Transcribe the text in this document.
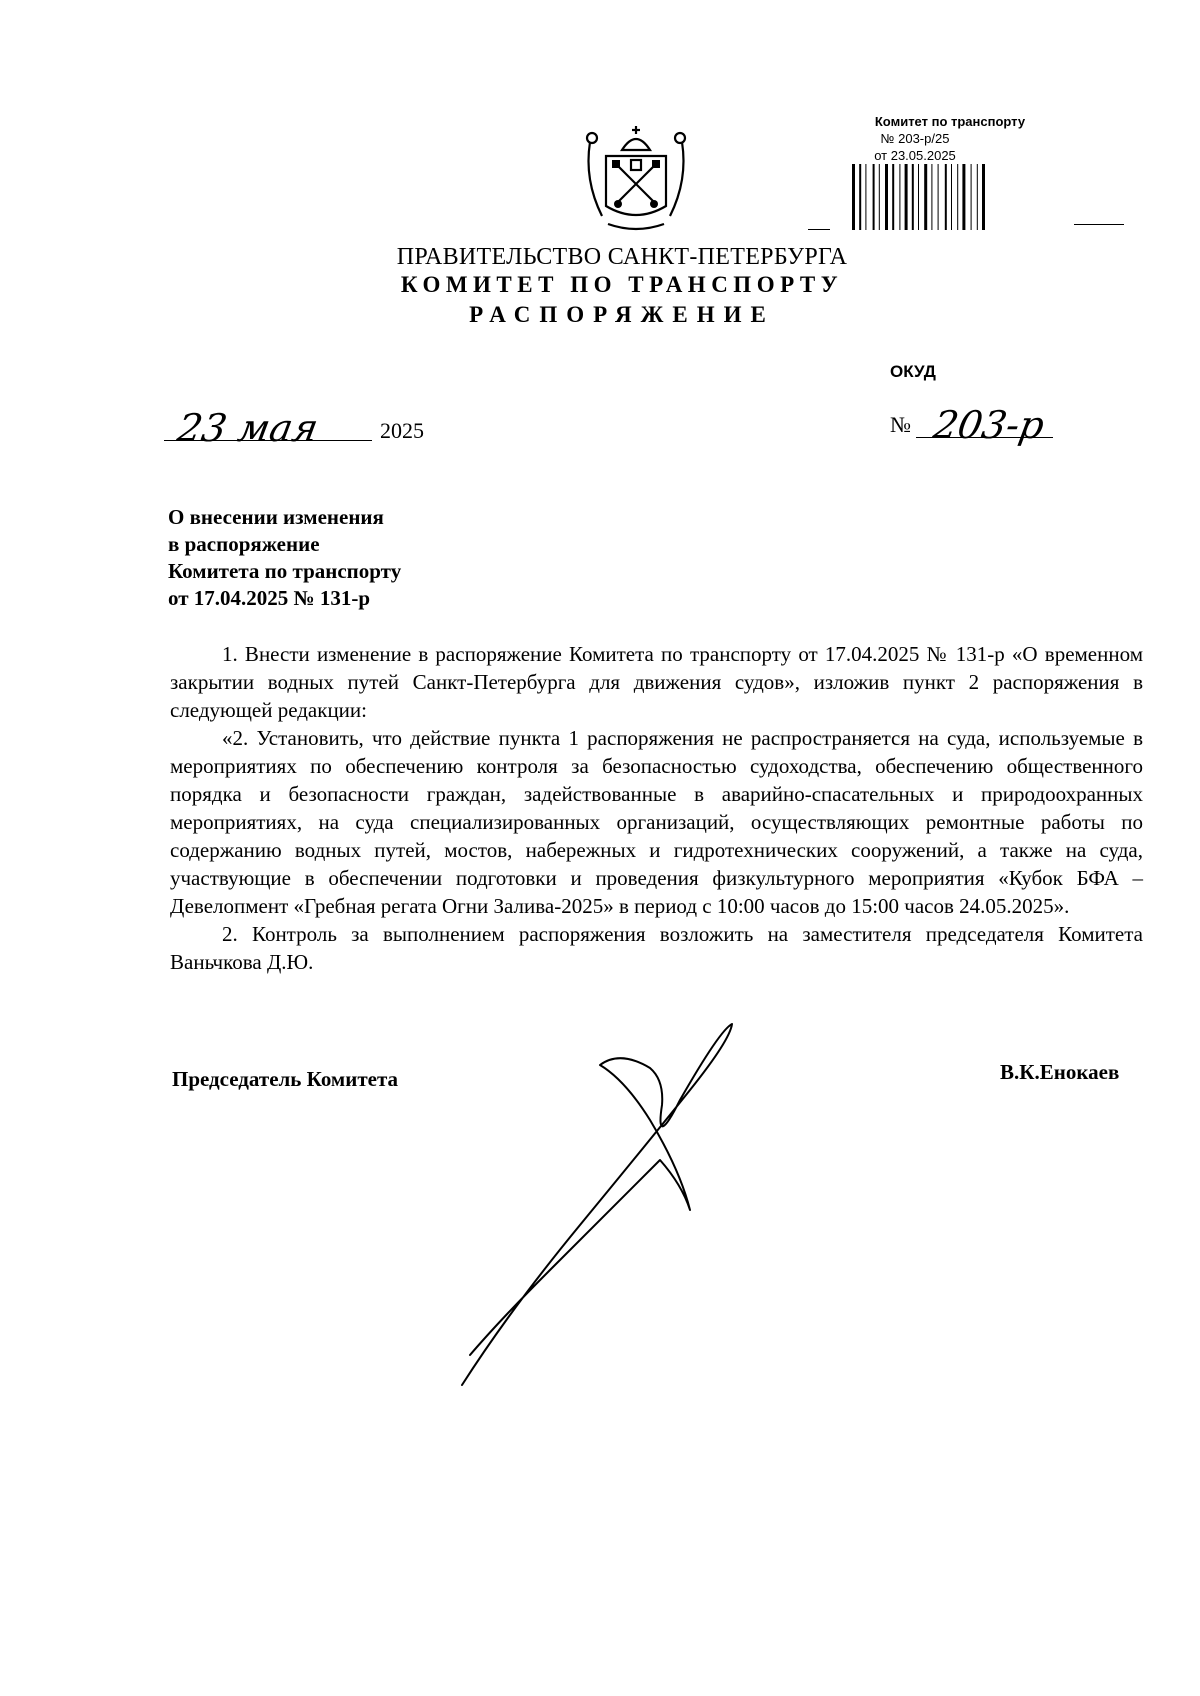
Комитет по транспорту
№ 203-р/25
от 23.05.2025
ПРАВИТЕЛЬСТВО САНКТ-ПЕТЕРБУРГА
КОМИТЕТ ПО ТРАНСПОРТУ
РАСПОРЯЖЕНИЕ
ОКУД
23 мая	2025	№ 203-р
О внесении изменения
в распоряжение
Комитета по транспорту
от 17.04.2025 № 131-р

1. Внести изменение в распоряжение Комитета по транспорту от 17.04.2025 № 131-р «О временном закрытии водных путей Санкт-Петербурга для движения судов», изложив пункт 2 распоряжения в следующей редакции:

«2. Установить, что действие пункта 1 распоряжения не распространяется на суда, используемые в мероприятиях по обеспечению контроля за безопасностью судоходства, обеспечению общественного порядка и безопасности граждан, задействованные в аварийно-спасательных и природоохранных мероприятиях, на суда специализированных организаций, осуществляющих ремонтные работы по содержанию водных путей, мостов, набережных и гидротехнических сооружений, а также на суда, участвующие в обеспечении подготовки и проведения физкультурного мероприятия «Кубок БФА – Девелопмент «Гребная регата Огни Залива-2025» в период с 10:00 часов до 15:00 часов 24.05.2025».

2. Контроль за выполнением распоряжения возложить на заместителя председателя Комитета Ваньчкова Д.Ю.

Председатель Комитета	В.К.Енокаев
